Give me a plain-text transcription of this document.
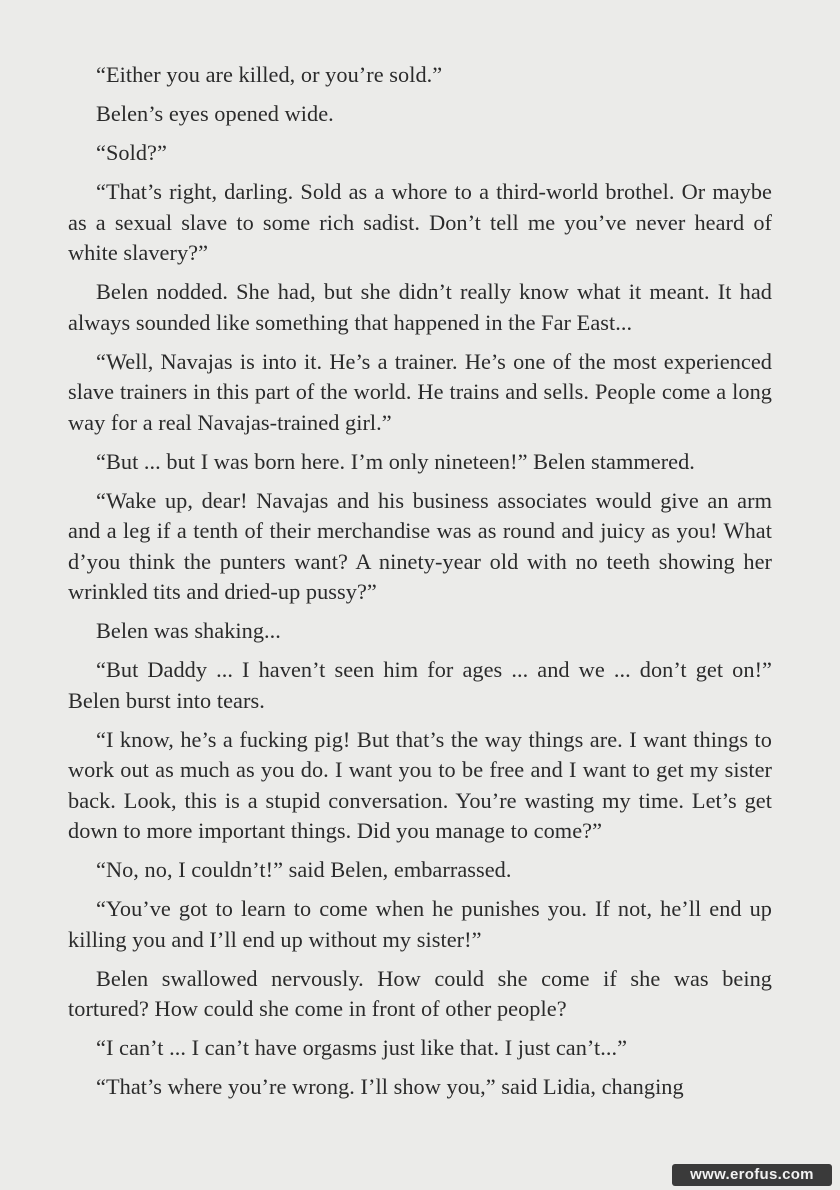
“Either you are killed, or you’re sold.”

Belen’s eyes opened wide.

“Sold?”

“That’s right, darling. Sold as a whore to a third-world brothel. Or maybe as a sexual slave to some rich sadist. Don’t tell me you’ve never heard of white slavery?”

Belen nodded. She had, but she didn’t really know what it meant. It had always sounded like something that happened in the Far East...

“Well, Navajas is into it. He’s a trainer. He’s one of the most experienced slave trainers in this part of the world. He trains and sells. People come a long way for a real Navajas-trained girl.”

“But ... but I was born here. I’m only nineteen!” Belen stammered.

“Wake up, dear! Navajas and his business associates would give an arm and a leg if a tenth of their merchandise was as round and juicy as you! What d’you think the punters want? A ninety-year old with no teeth showing her wrinkled tits and dried-up pussy?”

Belen was shaking...

“But Daddy ... I haven’t seen him for ages ... and we ... don’t get on!” Belen burst into tears.

“I know, he’s a fucking pig! But that’s the way things are. I want things to work out as much as you do. I want you to be free and I want to get my sister back. Look, this is a stupid conversation. You’re wasting my time. Let’s get down to more important things. Did you manage to come?”

“No, no, I couldn’t!” said Belen, embarrassed.

“You’ve got to learn to come when he punishes you. If not, he’ll end up killing you and I’ll end up without my sister!”

Belen swallowed nervously. How could she come if she was being tortured? How could she come in front of other people?

“I can’t ... I can’t have orgasms just like that. I just can’t...”

“That’s where you’re wrong. I’ll show you,” said Lidia, changing

www.erofus.com
